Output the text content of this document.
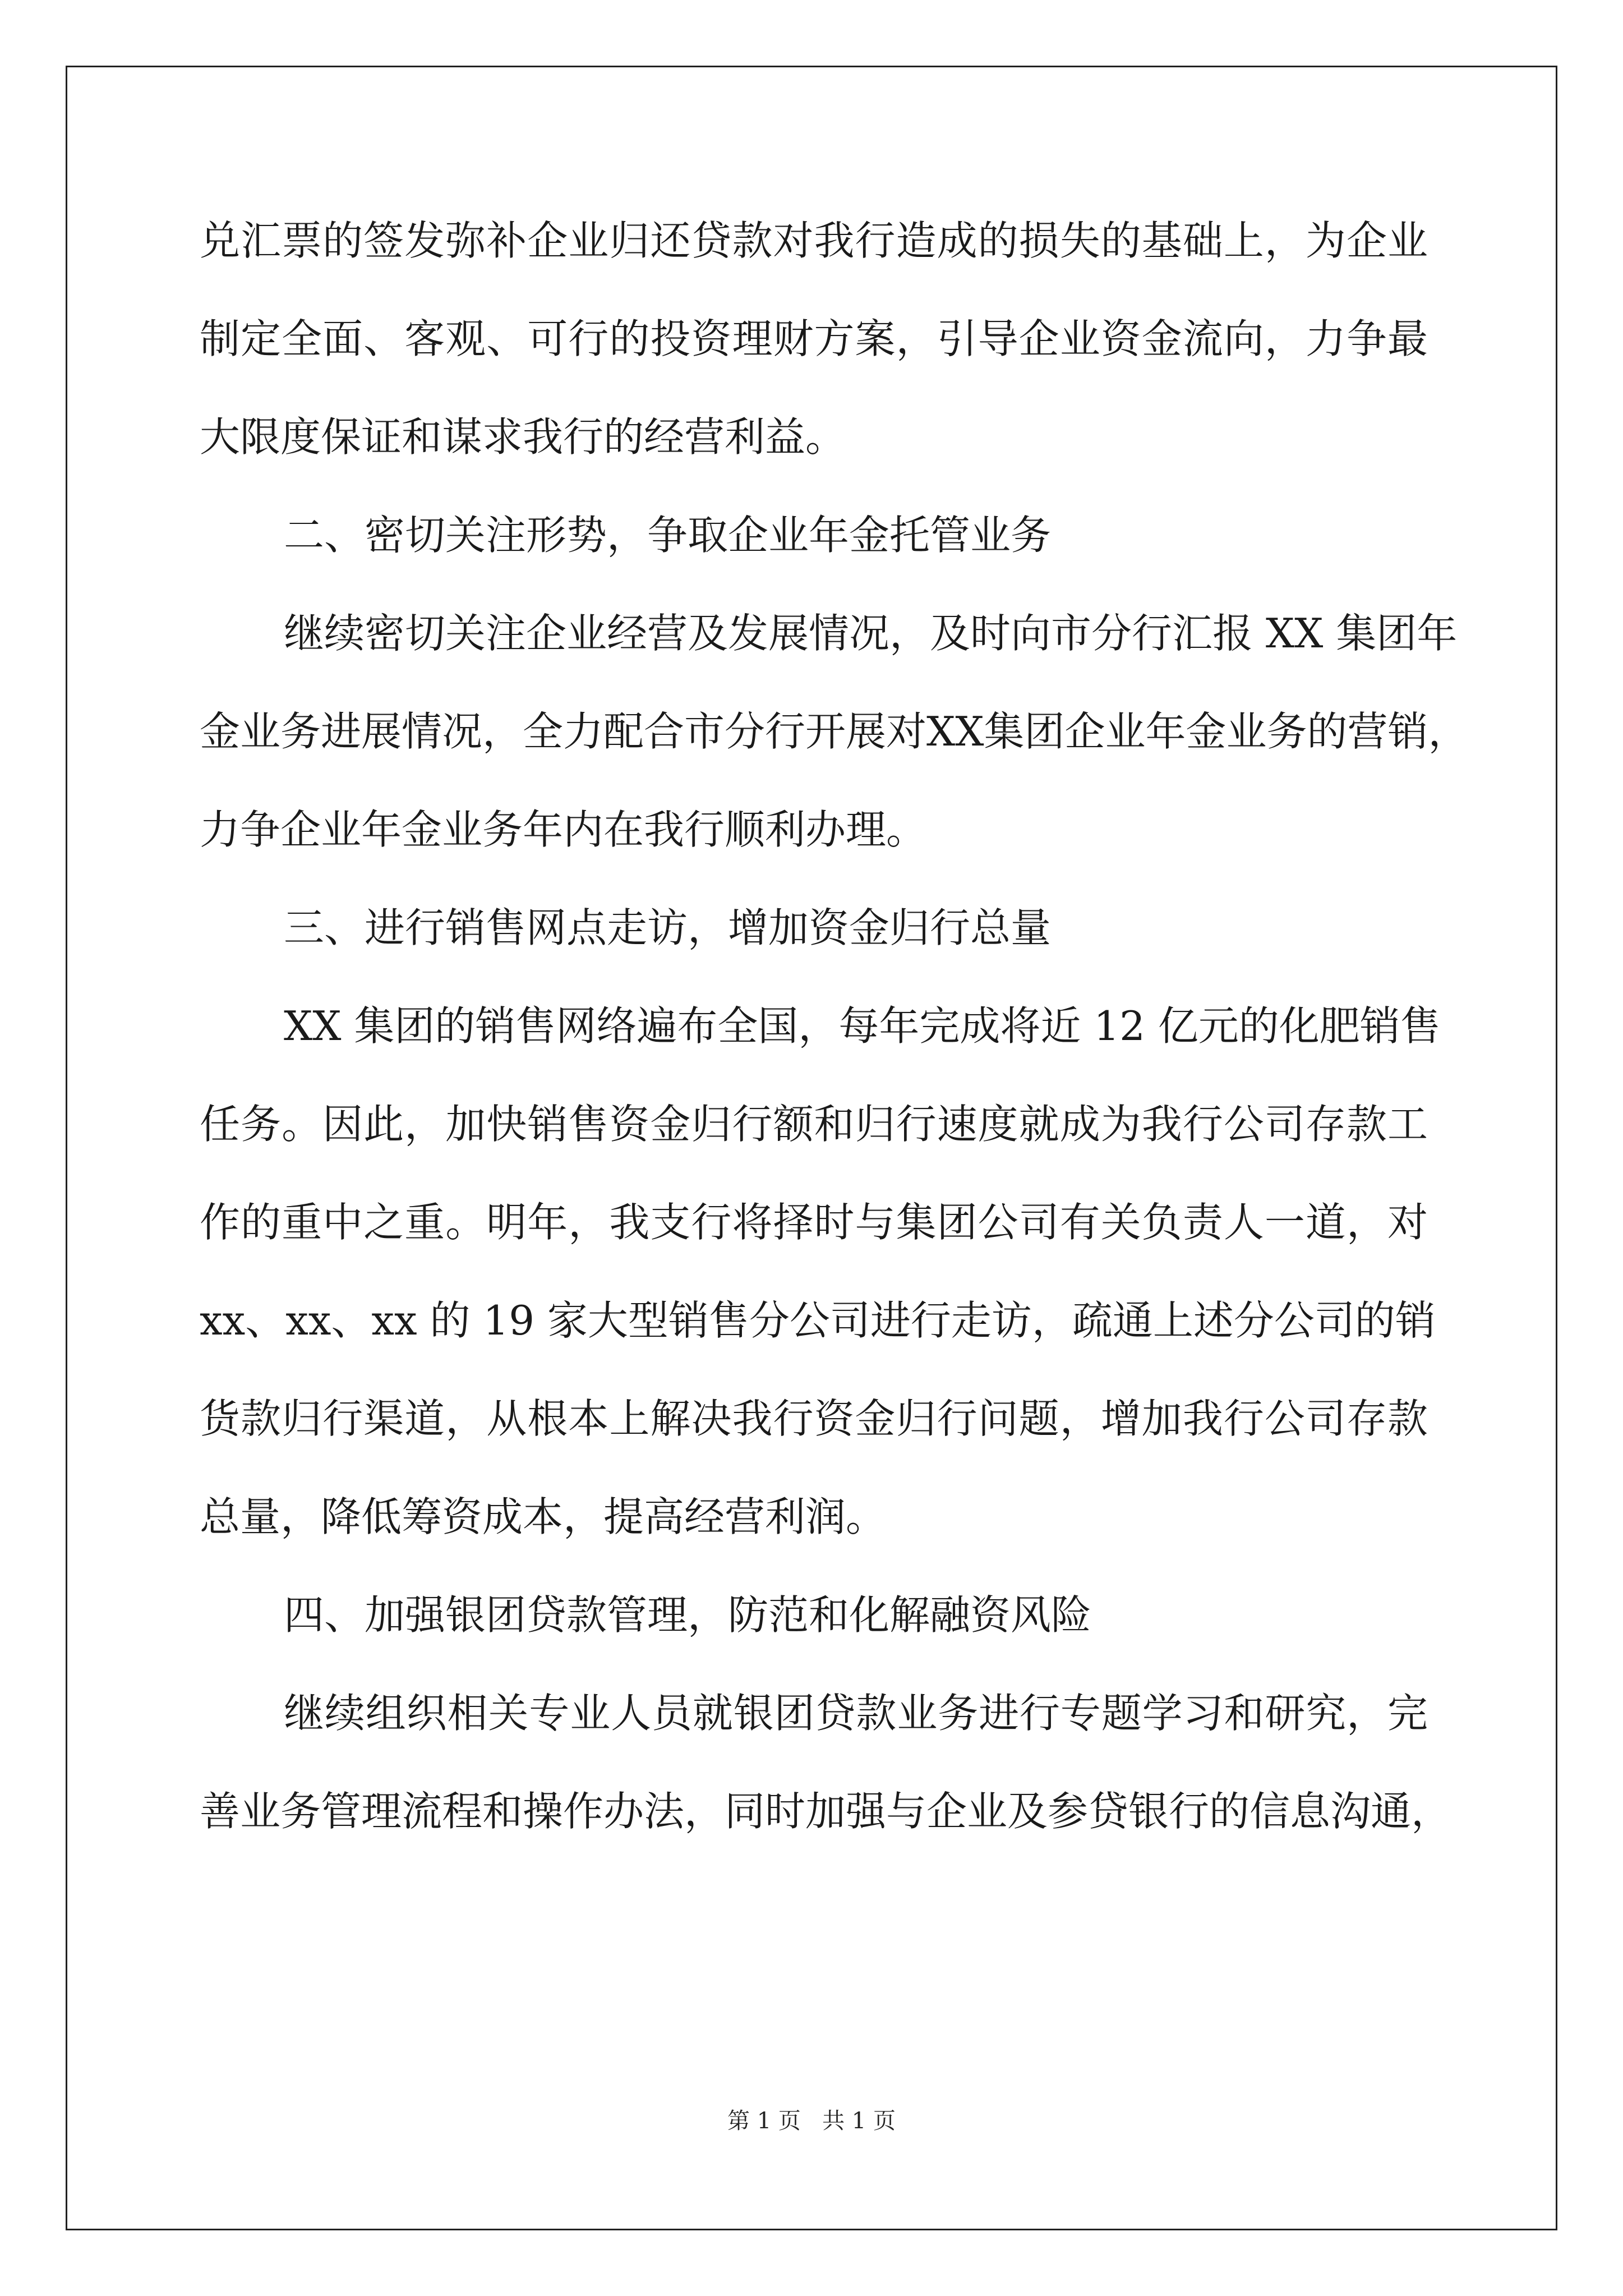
兑汇票的签发弥补企业归还贷款对我行造成的损失的基础上，为企业

制定全面、客观、可行的投资理财方案，引导企业资金流向，力争最

大限度保证和谋求我行的经营利益。

二、密切关注形势，争取企业年金托管业务

继续密切关注企业经营及发展情况，及时向市分行汇报 XX 集团年

金业务进展情况，全力配合市分行开展对XX集团企业年金业务的营销，

力争企业年金业务年内在我行顺利办理。

三、进行销售网点走访，增加资金归行总量

XX 集团的销售网络遍布全国，每年完成将近 12 亿元的化肥销售

任务。因此，加快销售资金归行额和归行速度就成为我行公司存款工

作的重中之重。明年，我支行将择时与集团公司有关负责人一道，对

xx、xx、xx 的 19 家大型销售分公司进行走访，疏通上述分公司的销

货款归行渠道，从根本上解决我行资金归行问题，增加我行公司存款

总量，降低筹资成本，提高经营利润。

四、加强银团贷款管理，防范和化解融资风险

继续组织相关专业人员就银团贷款业务进行专题学习和研究，完

善业务管理流程和操作办法，同时加强与企业及参贷银行的信息沟通，

第 1 页   共 1 页
